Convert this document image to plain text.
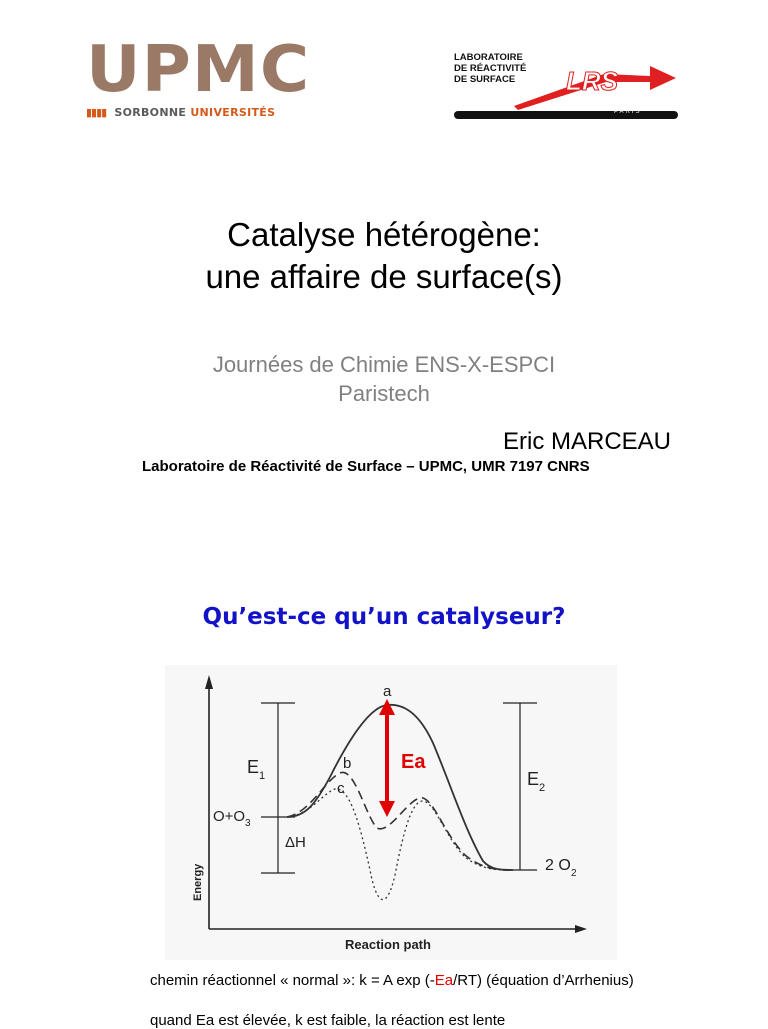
UPMC
▮▮▮▮ SORBONNE UNIVERSITÉS
LABORATOIRE
DE RÉACTIVITÉ
DE SURFACE	LRS
PARIS
Catalyse hétérogène:
une affaire de surface(s)
Journées de Chimie ENS-X-ESPCI
Paristech
Eric MARCEAU
Laboratoire de Réactivité de Surface – UPMC, UMR 7197 CNRS
Qu’est-ce qu’un catalyseur?
a
b
c
Ea
E 1	E 2
O+O 3
ΔH
2 O 2
Energy
Reaction path
chemin réactionnel « normal »: k = A exp (-Ea/RT) (équation d’Arrhenius)
quand Ea est élevée, k est faible, la réaction est lente
